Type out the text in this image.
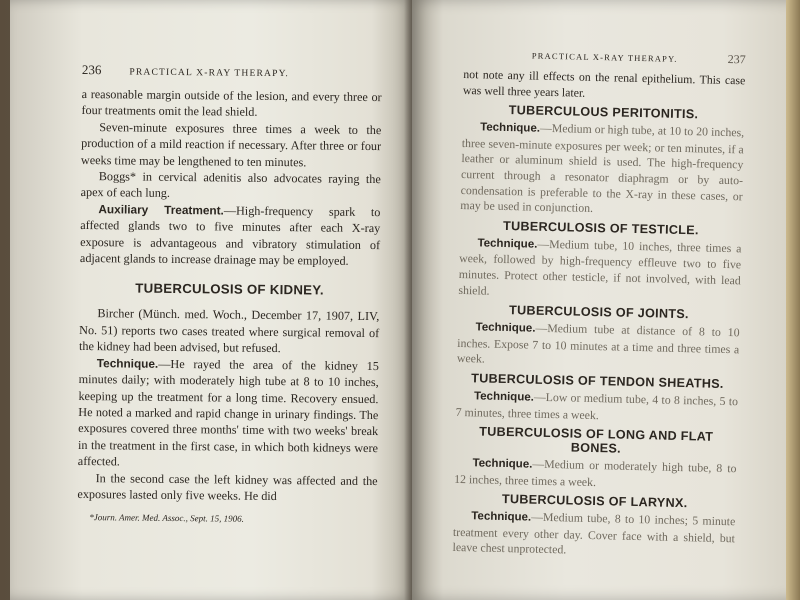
236	PRACTICAL X-RAY THERAPY.

a reasonable margin outside of the lesion, and every three or four treatments omit the lead shield.

Seven-minute exposures three times a week to the production of a mild reaction if necessary. After three or four weeks time may be lengthened to ten minutes.

Boggs* in cervical adenitis also advocates raying the apex of each lung.

Auxiliary Treatment.—High-frequency spark to affected glands two to five minutes after each X-ray exposure is advantageous and vibratory stimulation of adjacent glands to increase drainage may be employed.

TUBERCULOSIS OF KIDNEY.

Bircher (Münch. med. Woch., December 17, 1907, LIV, No. 51) reports two cases treated where surgical removal of the kidney had been advised, but refused.

Technique.—He rayed the area of the kidney 15 minutes daily; with moderately high tube at 8 to 10 inches, keeping up the treatment for a long time. Recovery ensued. He noted a marked and rapid change in urinary findings. The exposures covered three months' time with two weeks' break in the treatment in the first case, in which both kidneys were affected.

In the second case the left kidney was affected and the exposures lasted only five weeks. He did

*Journ. Amer. Med. Assoc., Sept. 15, 1906.
PRACTICAL X-RAY THERAPY.	237

not note any ill effects on the renal epithelium. This case was well three years later.

TUBERCULOUS PERITONITIS.

Technique.—Medium or high tube, at 10 to 20 inches, three seven-minute exposures per week; or ten minutes, if a leather or aluminum shield is used. The high-frequency current through a resonator diaphragm or by auto-condensation is preferable to the X-ray in these cases, or may be used in conjunction.

TUBERCULOSIS OF TESTICLE.

Technique.—Medium tube, 10 inches, three times a week, followed by high-frequency effleuve two to five minutes. Protect other testicle, if not involved, with lead shield.

TUBERCULOSIS OF JOINTS.

Technique.—Medium tube at distance of 8 to 10 inches. Expose 7 to 10 minutes at a time and three times a week.

TUBERCULOSIS OF TENDON SHEATHS.

Technique.—Low or medium tube, 4 to 8 inches, 5 to 7 minutes, three times a week.

TUBERCULOSIS OF LONG AND FLAT BONES.

Technique.—Medium or moderately high tube, 8 to 12 inches, three times a week.

TUBERCULOSIS OF LARYNX.

Technique.—Medium tube, 8 to 10 inches; 5 minute treatment every other day. Cover face with a shield, but leave chest unprotected.
